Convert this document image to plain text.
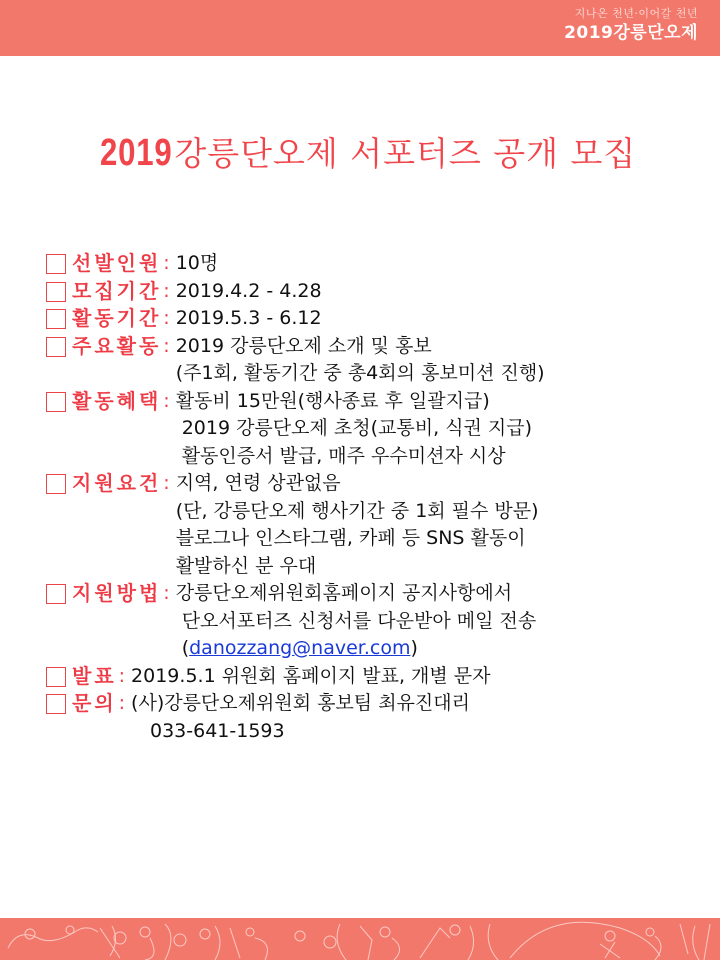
지나온 천년·이어갈 천년
2019강릉단오제
2019강릉단오제 서포터즈 공개 모집
선발인원 : 10명
모집기간 : 2019.4.2 - 4.28
활동기간 : 2019.5.3 - 6.12
주요활동 : 2019 강릉단오제 소개 및 홍보
(주1회, 활동기간 중 총4회의 홍보미션 진행)
활동혜택 : 활동비 15만원(행사종료 후 일괄지급)
2019 강릉단오제 초청(교통비, 식권 지급)
활동인증서 발급, 매주 우수미션자 시상
지원요건 : 지역, 연령 상관없음
(단, 강릉단오제 행사기간 중 1회 필수 방문)
블로그나 인스타그램, 카페 등 SNS 활동이
활발하신 분 우대
지원방법 : 강릉단오제위원회홈페이지 공지사항에서
단오서포터즈 신청서를 다운받아 메일 전송
(danozzang@naver.com)
발표 : 2019.5.1 위원회 홈페이지 발표, 개별 문자
문의 : (사)강릉단오제위원회 홍보팀 최유진대리
033-641-1593
